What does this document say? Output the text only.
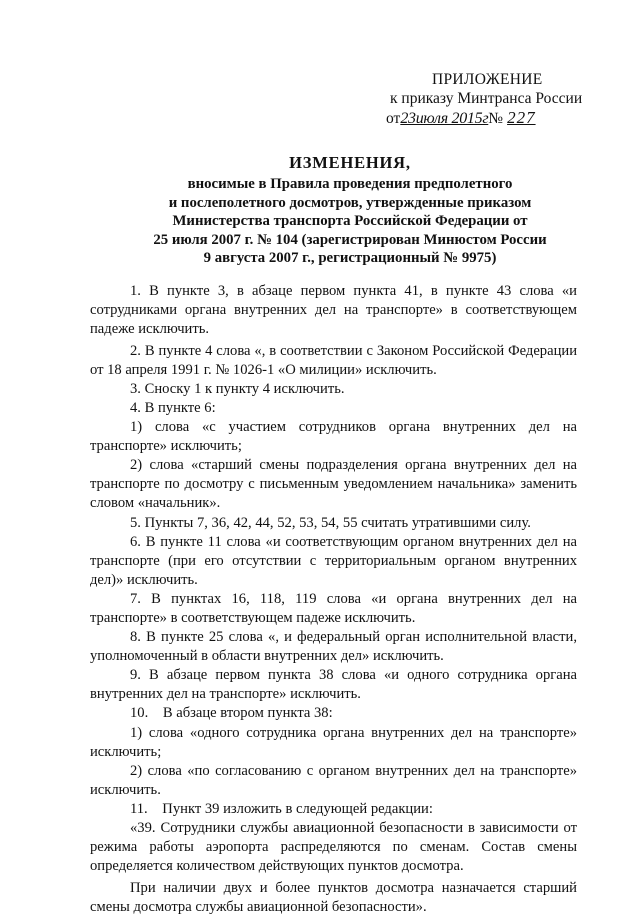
ПРИЛОЖЕНИЕ
к приказу Минтранса России
от23июля 2015г№ 227
ИЗМЕНЕНИЯ,
вносимые в Правила проведения предполетного
и послеполетного досмотров, утвержденные приказом
Министерства транспорта Российской Федерации от
25 июля 2007 г. № 104 (зарегистрирован Минюстом России
9 августа 2007 г., регистрационный № 9975)

1. В пункте 3, в абзаце первом пункта 41, в пункте 43 слова «и сотрудниками органа внутренних дел на транспорте» в соответствующем падеже исключить.

2. В пункте 4 слова «, в соответствии с Законом Российской Федерации от 18 апреля 1991 г. № 1026-1 «О милиции» исключить.

3. Сноску 1 к пункту 4 исключить.

4. В пункте 6:

1) слова «с участием сотрудников органа внутренних дел на транспорте» исключить;

2) слова «старший смены подразделения органа внутренних дел на транспорте по досмотру с письменным уведомлением начальника» заменить словом «начальник».

5. Пункты 7, 36, 42, 44, 52, 53, 54, 55 считать утратившими силу.

6. В пункте 11 слова «и соответствующим органом внутренних дел на транспорте (при его отсутствии с территориальным органом внутренних дел)» исключить.

7. В пунктах 16, 118, 119 слова «и органа внутренних дел на транспорте» в соответствующем падеже исключить.

8. В пункте 25 слова «, и федеральный орган исполнительной власти, уполномоченный в области внутренних дел» исключить.

9. В абзаце первом пункта 38 слова «и одного сотрудника органа внутренних дел на транспорте» исключить.

10.    В абзаце втором пункта 38:

1) слова «одного сотрудника органа внутренних дел на транспорте» исключить;

2) слова «по согласованию с органом внутренних дел на транспорте» исключить.

11.    Пункт 39 изложить в следующей редакции:

«39. Сотрудники службы авиационной безопасности в зависимости от режима работы аэропорта распределяются по сменам. Состав смены определяется количеством действующих пунктов досмотра.

При наличии двух и более пунктов досмотра назначается старший смены досмотра службы авиационной безопасности».
